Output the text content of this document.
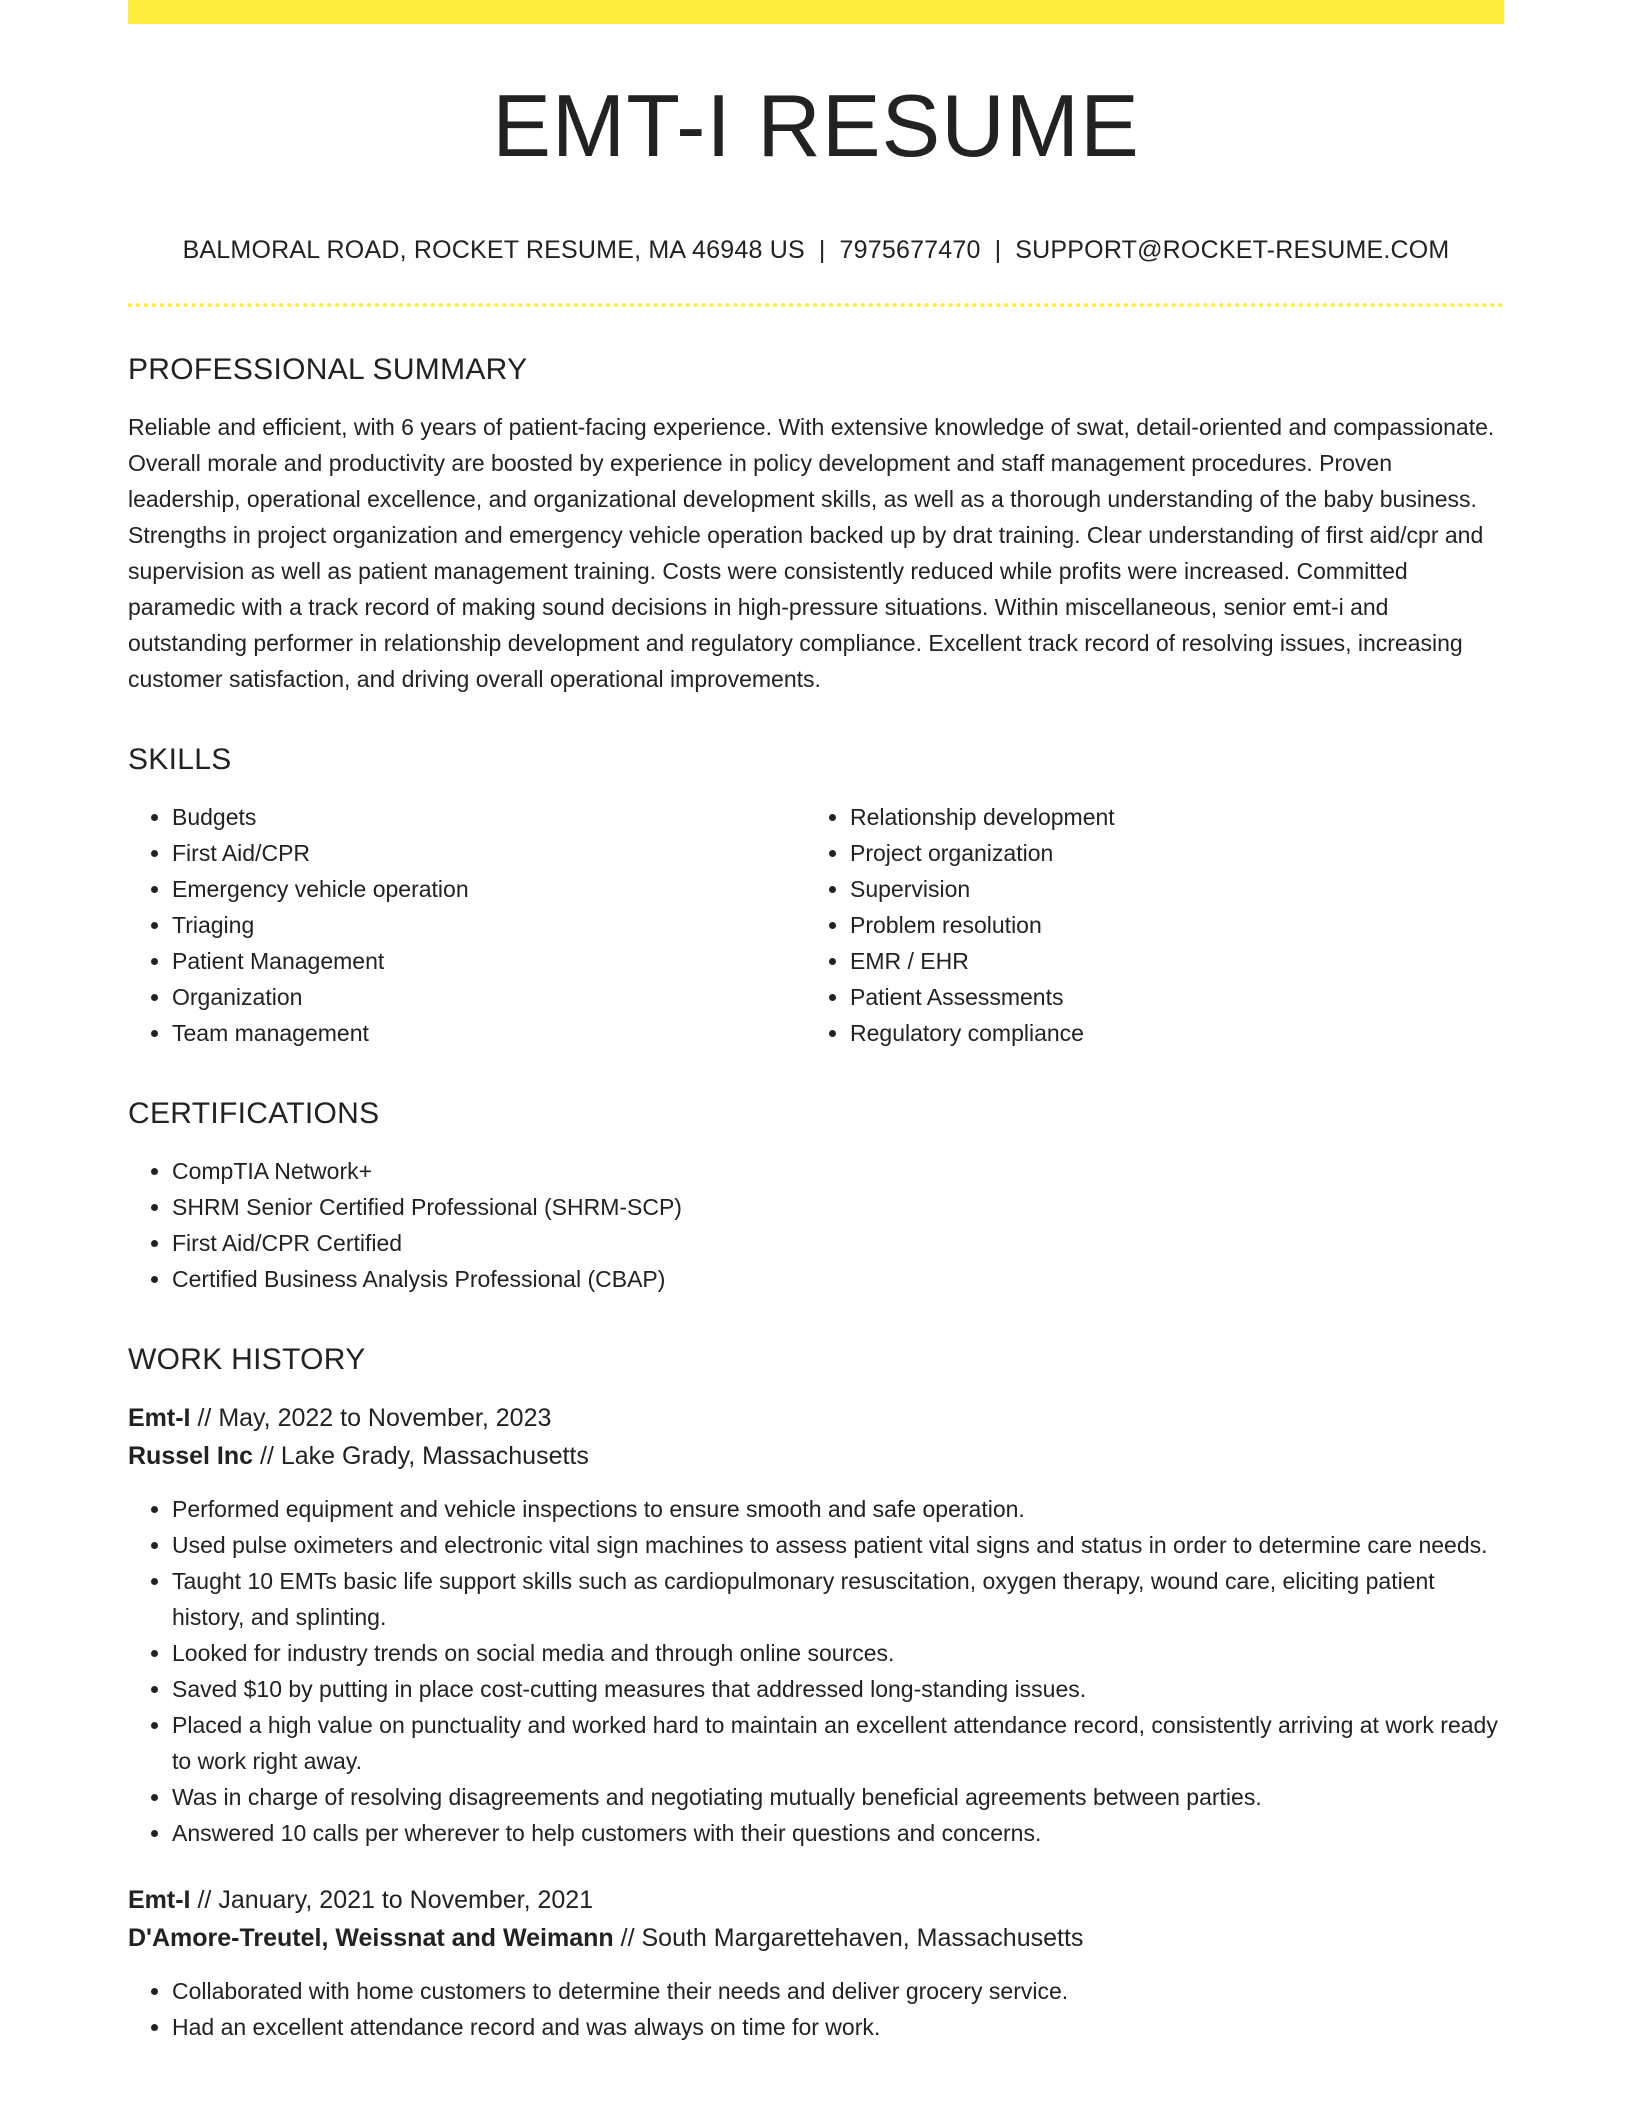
EMT-I RESUME
BALMORAL ROAD, ROCKET RESUME, MA 46948 US | 7975677470 | SUPPORT@ROCKET-RESUME.COM
PROFESSIONAL SUMMARY

Reliable and efficient, with 6 years of patient-facing experience. With extensive knowledge of swat, detail-oriented and compassionate. Overall morale and productivity are boosted by experience in policy development and staff management procedures. Proven leadership, operational excellence, and organizational development skills, as well as a thorough understanding of the baby business. Strengths in project organization and emergency vehicle operation backed up by drat training. Clear understanding of first aid/cpr and supervision as well as patient management training. Costs were consistently reduced while profits were increased. Committed paramedic with a track record of making sound decisions in high-pressure situations. Within miscellaneous, senior emt-i and outstanding performer in relationship development and regulatory compliance. Excellent track record of resolving issues, increasing customer satisfaction, and driving overall operational improvements.

SKILLS
• Budgets
• First Aid/CPR
• Emergency vehicle operation
• Triaging
• Patient Management
• Organization
• Team management
• Relationship development
• Project organization
• Supervision
• Problem resolution
• EMR / EHR
• Patient Assessments
• Regulatory compliance
CERTIFICATIONS
• CompTIA Network+
• SHRM Senior Certified Professional (SHRM-SCP)
• First Aid/CPR Certified
• Certified Business Analysis Professional (CBAP)
WORK HISTORY
Emt-I // May, 2022 to November, 2023
Russel Inc // Lake Grady, Massachusetts
• Performed equipment and vehicle inspections to ensure smooth and safe operation.
• Used pulse oximeters and electronic vital sign machines to assess patient vital signs and status in order to determine care needs.
• Taught 10 EMTs basic life support skills such as cardiopulmonary resuscitation, oxygen therapy, wound care, eliciting patient history, and splinting.
• Looked for industry trends on social media and through online sources.
• Saved $10 by putting in place cost-cutting measures that addressed long-standing issues.
• Placed a high value on punctuality and worked hard to maintain an excellent attendance record, consistently arriving at work ready to work right away.
• Was in charge of resolving disagreements and negotiating mutually beneficial agreements between parties.
• Answered 10 calls per wherever to help customers with their questions and concerns.
Emt-I // January, 2021 to November, 2021
D'Amore-Treutel, Weissnat and Weimann // South Margarettehaven, Massachusetts
• Collaborated with home customers to determine their needs and deliver grocery service.
• Had an excellent attendance record and was always on time for work.
